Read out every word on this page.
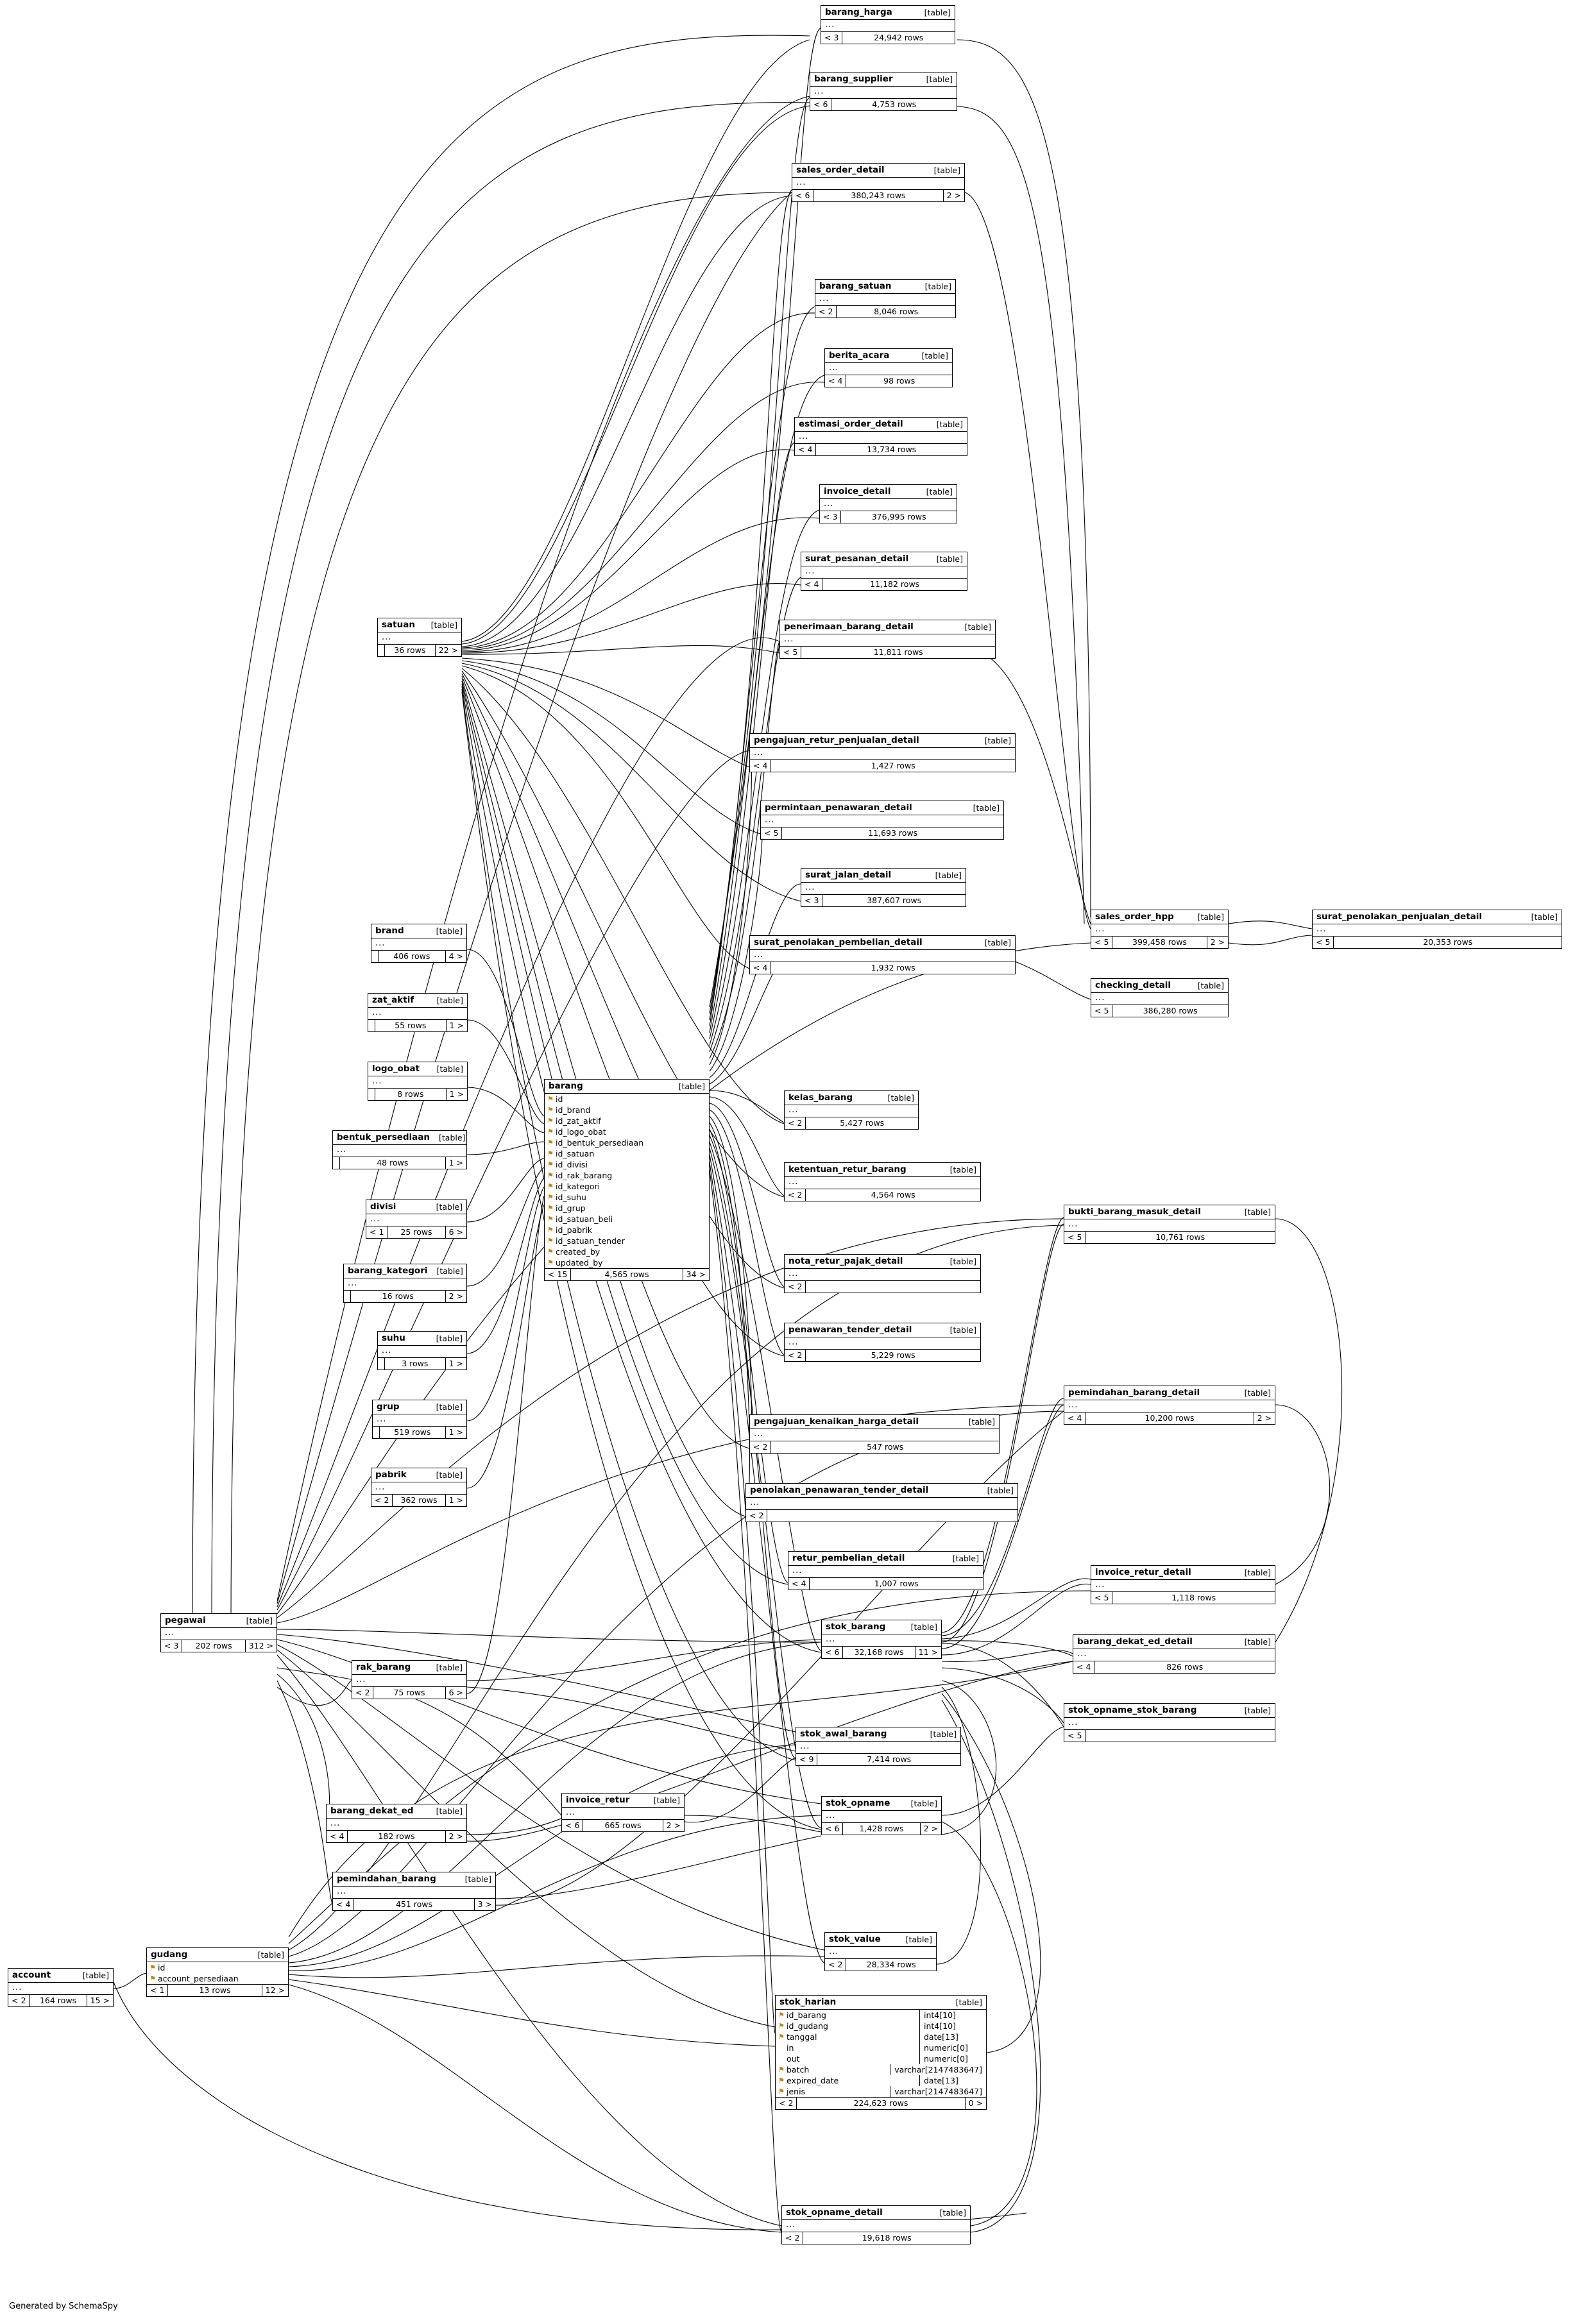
Generated by SchemaSpy
barang_harga	[table]
...
< 3	24,942 rows
barang_supplier	[table]
...
< 6	4,753 rows
sales_order_detail	[table]
...
< 6	380,243 rows	2 >
barang_satuan	[table]
...
< 2	8,046 rows
berita_acara	[table]
...
< 4	98 rows
estimasi_order_detail	[table]
...
< 4	13,734 rows
invoice_detail	[table]
...
< 3	376,995 rows
surat_pesanan_detail	[table]
...
< 4	11,182 rows
penerimaan_barang_detail	[table]
...
< 5	11,811 rows
satuan	[table]
...
36 rows	22 >
pengajuan_retur_penjualan_detail	[table]
...
< 4	1,427 rows
permintaan_penawaran_detail	[table]
...
< 5	11,693 rows
surat_jalan_detail	[table]
...
< 3	387,607 rows
surat_penolakan_pembelian_detail	[table]
...
< 4	1,932 rows
sales_order_hpp	[table]
...
< 5	399,458 rows	2 >
surat_penolakan_penjualan_detail	[table]
...
< 5	20,353 rows
checking_detail	[table]
...
< 5	386,280 rows
brand	[table]
...
406 rows	4 >
zat_aktif	[table]
...
55 rows	1 >
logo_obat	[table]
...
8 rows	1 >
bentuk_persediaan	[table]
...
48 rows	1 >
divisi	[table]
...
< 1	25 rows	6 >
barang_kategori	[table]
...
16 rows	2 >
suhu	[table]
...
3 rows	1 >
grup	[table]
...
519 rows	1 >
pabrik	[table]
...
< 2	362 rows	1 >
kelas_barang	[table]
...
< 2	5,427 rows
ketentuan_retur_barang	[table]
...
< 2	4,564 rows
nota_retur_pajak_detail	[table]
...
< 2
penawaran_tender_detail	[table]
...
< 2	5,229 rows
pengajuan_kenaikan_harga_detail	[table]
...
< 2	547 rows
penolakan_penawaran_tender_detail	[table]
...
< 2
retur_pembelian_detail	[table]
...
< 4	1,007 rows
stok_barang	[table]
...
< 6	32,168 rows	11 >
stok_awal_barang	[table]
...
< 9	7,414 rows
stok_opname	[table]
...
< 6	1,428 rows	2 >
stok_value	[table]
...
< 2	28,334 rows
bukti_barang_masuk_detail	[table]
...
< 5	10,761 rows
pemindahan_barang_detail	[table]
...
< 4	10,200 rows	2 >
invoice_retur_detail	[table]
...
< 5	1,118 rows
barang_dekat_ed_detail	[table]
...
< 4	826 rows
stok_opname_stok_barang	[table]
...
< 5
pegawai	[table]
...
< 3	202 rows	312 >
rak_barang	[table]
...
< 2	75 rows	6 >
barang_dekat_ed	[table]
...
< 4	182 rows	2 >
invoice_retur	[table]
...
< 6	665 rows	2 >
pemindahan_barang	[table]
...
< 4	451 rows	3 >
account	[table]
...
< 2	164 rows	15 >
stok_opname_detail	[table]
...
< 2	19,618 rows
barang	[table]
⚑ id
⚑ id_brand
⚑ id_zat_aktif
⚑ id_logo_obat
⚑ id_bentuk_persediaan
⚑ id_satuan
⚑ id_divisi
⚑ id_rak_barang
⚑ id_kategori
⚑ id_suhu
⚑ id_grup
⚑ id_satuan_beli
⚑ id_pabrik
⚑ id_satuan_tender
⚑ created_by
⚑ updated_by
< 15	4,565 rows	34 >
gudang	[table]
⚑ id
⚑ account_persediaan
< 1	13 rows	12 >
stok_harian	[table]
⚑ id_barang	int4[10]
⚑ id_gudang	int4[10]
⚑ tanggal	date[13]
in	numeric[0]
out	numeric[0]
⚑ batch	varchar[2147483647]
⚑ expired_date	date[13]
⚑ jenis	varchar[2147483647]
< 2	224,623 rows	0 >
